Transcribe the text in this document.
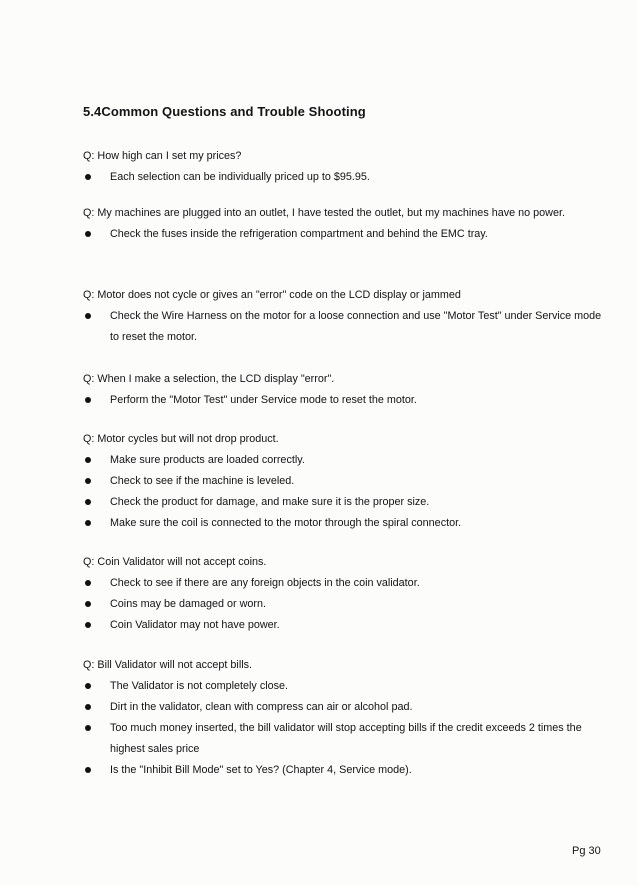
5.4Common Questions and Trouble Shooting

Q: How high can I set my prices?

Each selection can be individually priced up to $95.95.

Q: My machines are plugged into an outlet, I have tested the outlet, but my machines have no power.

Check the fuses inside the refrigeration compartment and behind the EMC tray.

Q: Motor does not cycle or gives an "error" code on the LCD display or jammed

Check the Wire Harness on the motor for a loose connection and use "Motor Test" under Service mode to reset the motor.

Q: When I make a selection, the LCD display "error".

Perform the "Motor Test" under Service mode to reset the motor.

Q: Motor cycles but will not drop product.

Make sure products are loaded correctly.
Check to see if the machine is leveled.
Check the product for damage, and make sure it is the proper size.
Make sure the coil is connected to the motor through the spiral connector.

Q: Coin Validator will not accept coins.

Check to see if there are any foreign objects in the coin validator.
Coins may be damaged or worn.
Coin Validator may not have power.

Q: Bill Validator will not accept bills.

The Validator is not completely close.
Dirt in the validator, clean with compress can air or alcohol pad.
Too much money inserted, the bill validator will stop accepting bills if the credit exceeds 2 times the highest sales price
Is the "Inhibit Bill Mode" set to Yes? (Chapter 4, Service mode).
Pg 30
